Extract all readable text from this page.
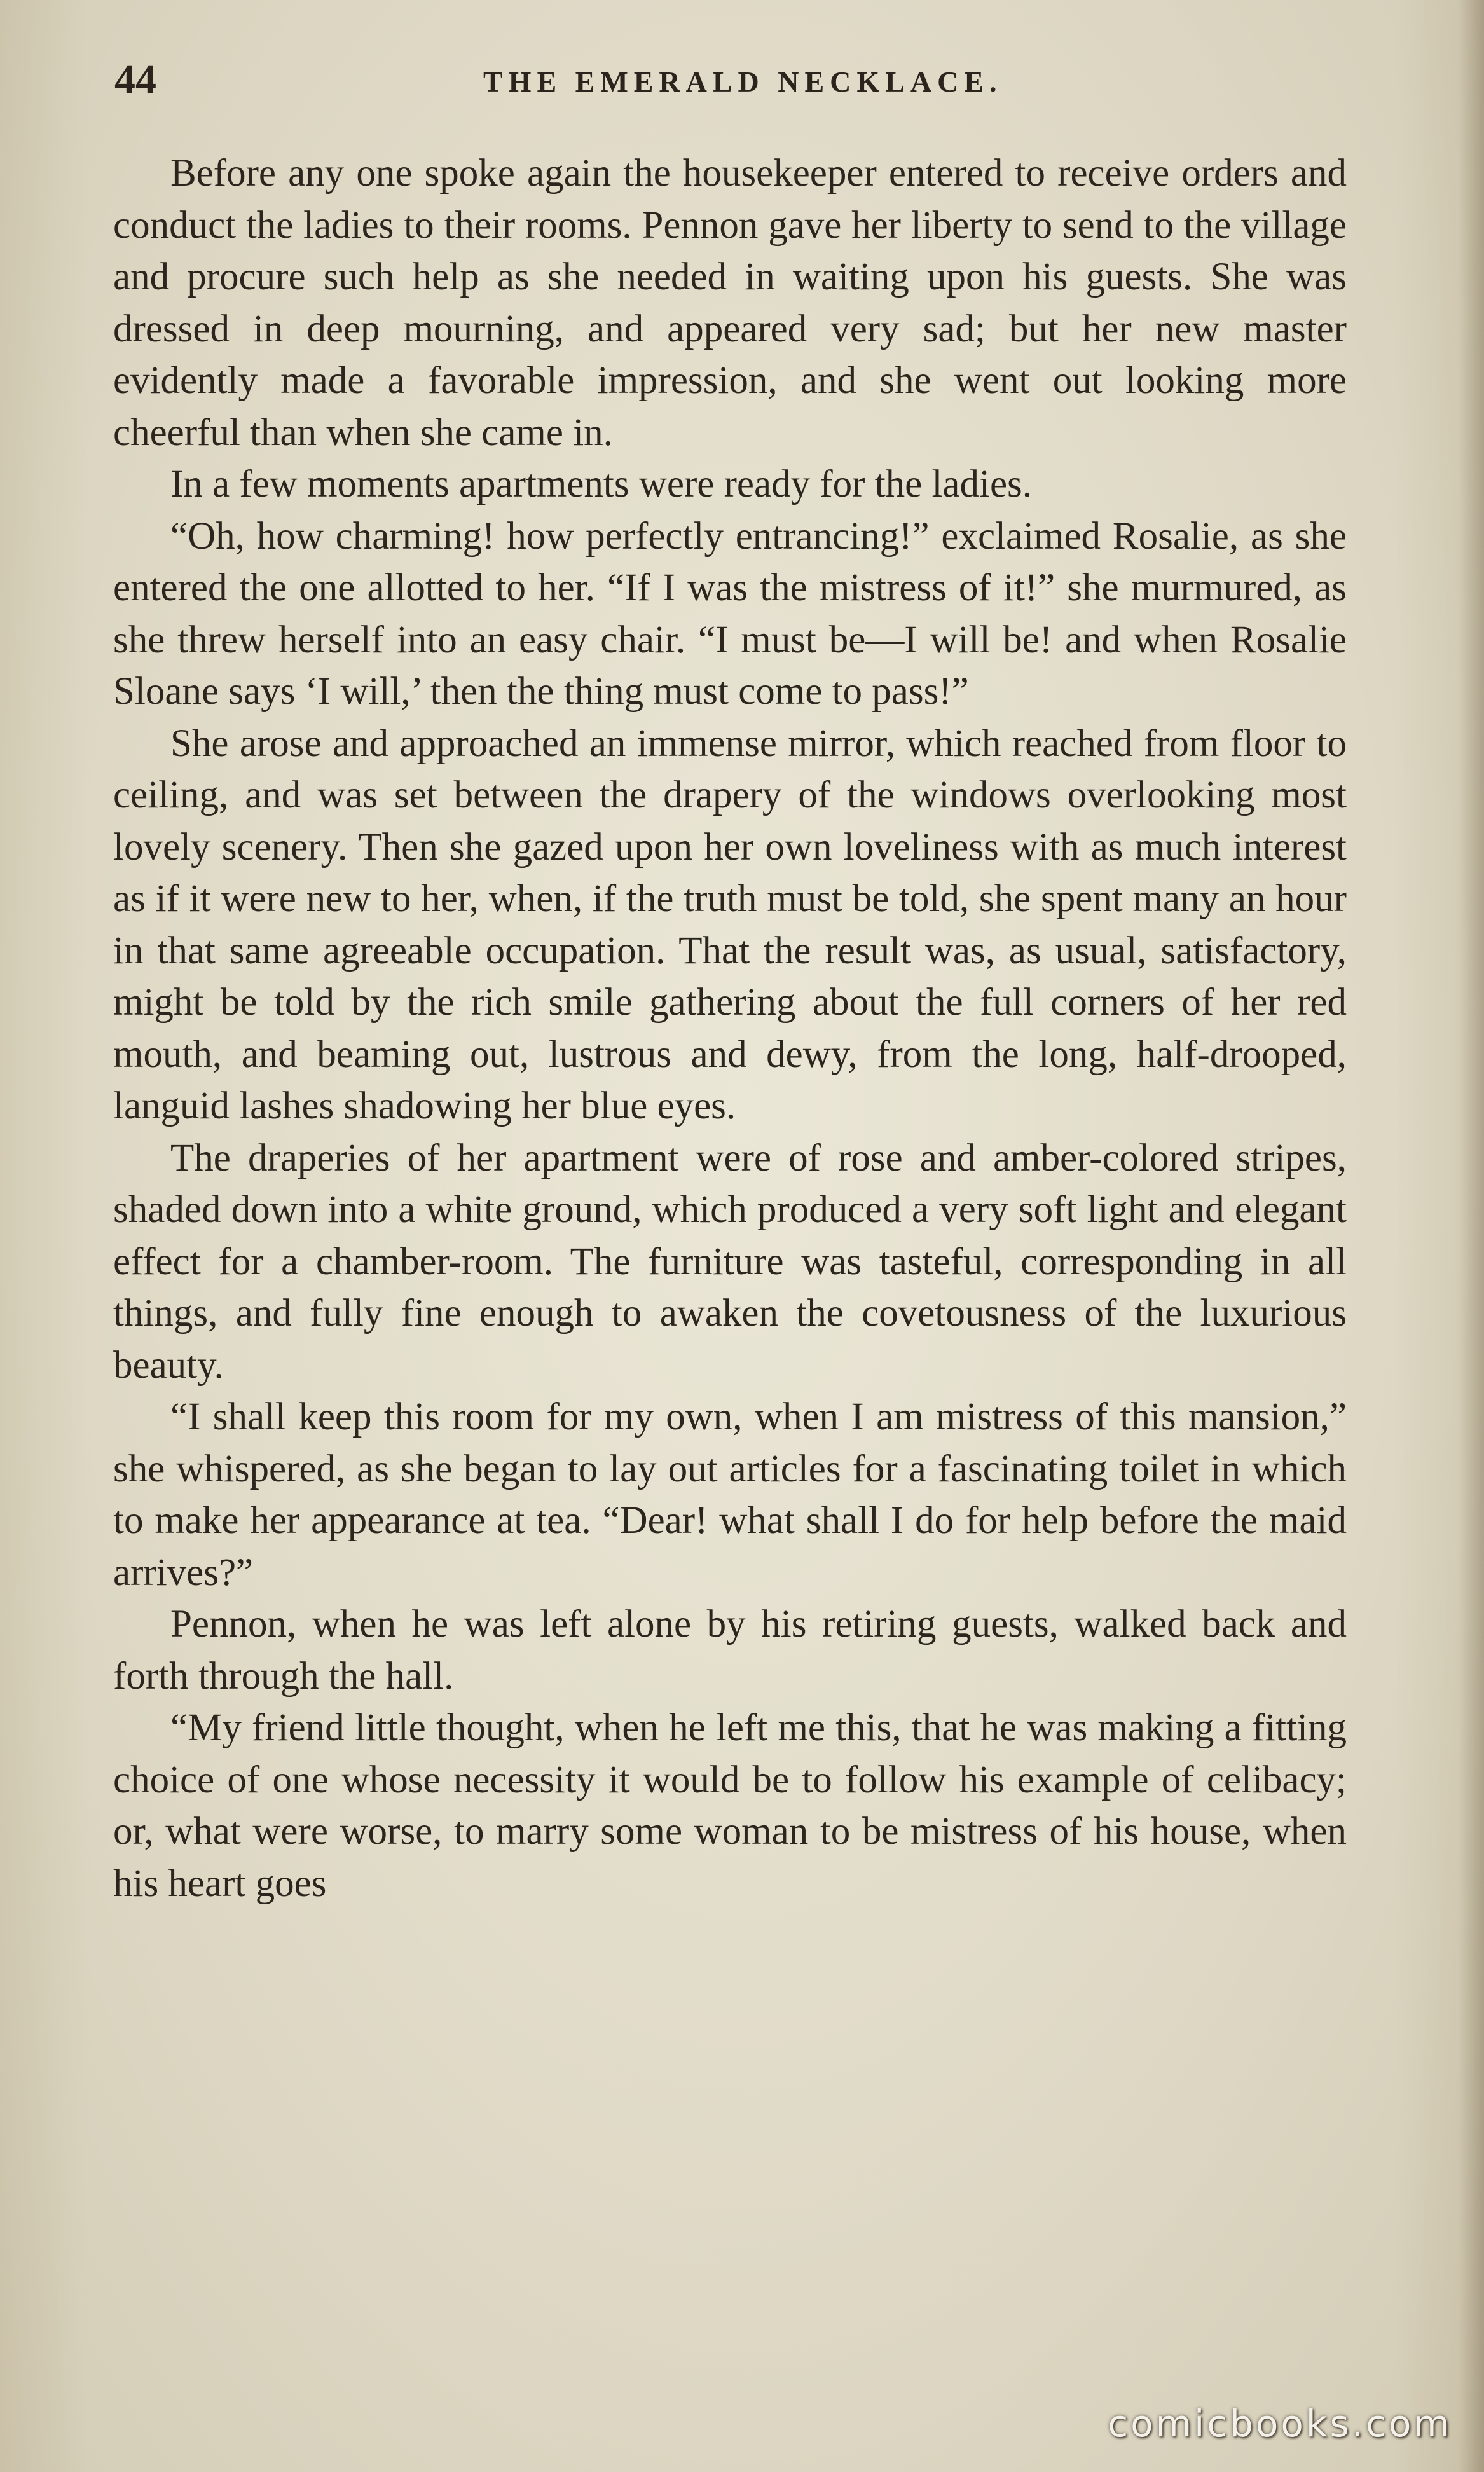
44	THE EMERALD NECKLACE.

Before any one spoke again the housekeeper entered to receive orders and conduct the ladies to their rooms. Pennon gave her liberty to send to the village and procure such help as she needed in waiting upon his guests. She was dressed in deep mourning, and appeared very sad; but her new master evidently made a favorable impression, and she went out looking more cheerful than when she came in.

In a few moments apartments were ready for the ladies.

“Oh, how charming! how perfectly entrancing!” exclaimed Rosalie, as she entered the one allotted to her. “If I was the mistress of it!” she murmured, as she threw herself into an easy chair. “I must be—I will be! and when Rosalie Sloane says ‘I will,’ then the thing must come to pass!”

She arose and approached an immense mirror, which reached from floor to ceiling, and was set between the drapery of the windows overlooking most lovely scenery. Then she gazed upon her own loveliness with as much interest as if it were new to her, when, if the truth must be told, she spent many an hour in that same agreeable occupation. That the result was, as usual, satisfactory, might be told by the rich smile gathering about the full corners of her red mouth, and beaming out, lustrous and dewy, from the long, half-drooped, languid lashes shadowing her blue eyes.

The draperies of her apartment were of rose and amber-colored stripes, shaded down into a white ground, which produced a very soft light and elegant effect for a chamber-room. The furniture was tasteful, corresponding in all things, and fully fine enough to awaken the covetousness of the luxurious beauty.

“I shall keep this room for my own, when I am mistress of this mansion,” she whispered, as she began to lay out articles for a fascinating toilet in which to make her appearance at tea. “Dear! what shall I do for help before the maid arrives?”

Pennon, when he was left alone by his retiring guests, walked back and forth through the hall.

“My friend little thought, when he left me this, that he was making a fitting choice of one whose necessity it would be to follow his example of celibacy; or, what were worse, to marry some woman to be mistress of his house, when his heart goes

comicbooks.com
